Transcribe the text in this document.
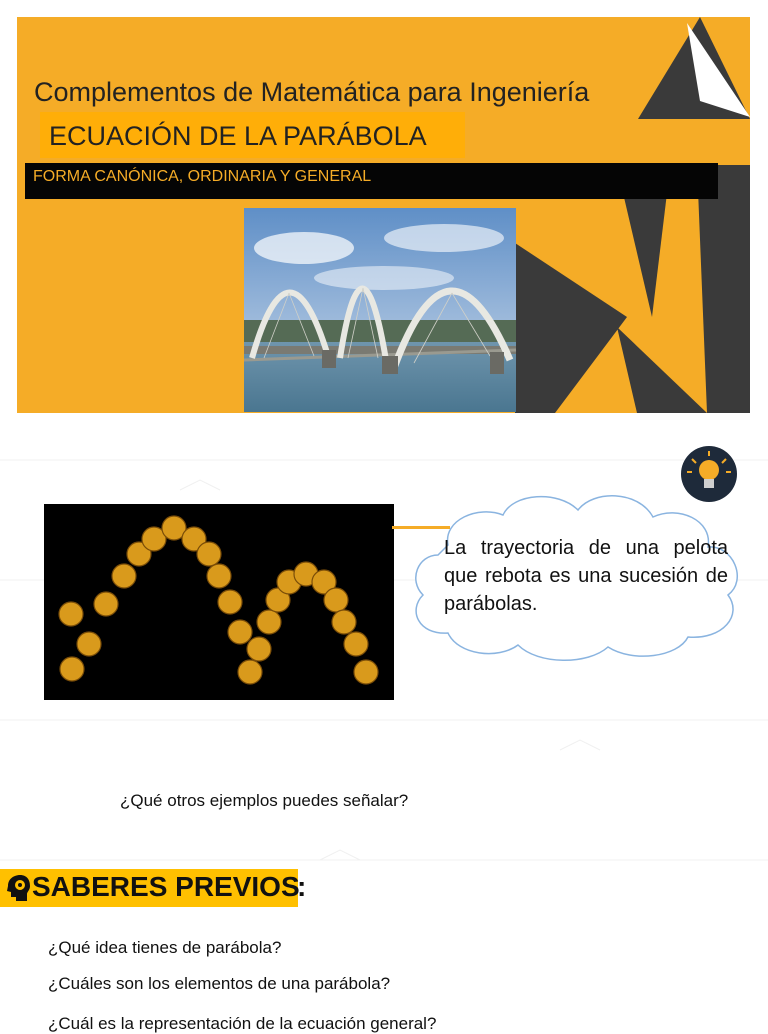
Complementos de Matemática para Ingeniería
ECUACIÓN DE LA PARÁBOLA
FORMA CANÓNICA, ORDINARIA Y GENERAL
La trayectoria de una pelota que rebota es una sucesión de parábolas.
¿Qué otros ejemplos puedes señalar?
SABERES PREVIOS
:
¿Qué idea tienes de parábola?
¿Cuáles son los elementos de una parábola?
¿Cuál es la representación de la ecuación general?
